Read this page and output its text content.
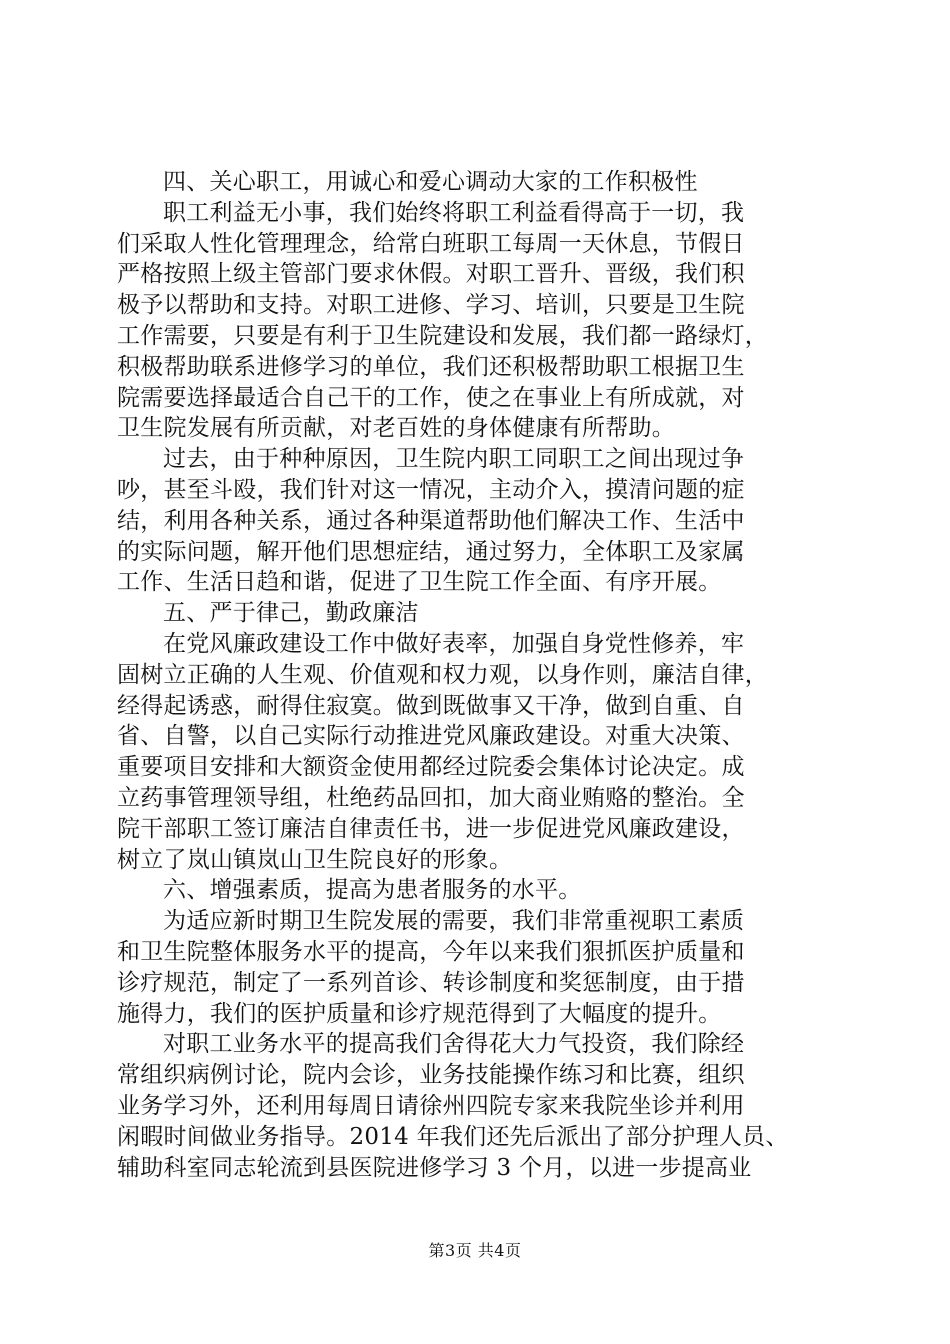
四、关心职工，用诚心和爱心调动大家的工作积极性
职工利益无小事，我们始终将职工利益看得高于一切，我
们采取人性化管理理念，给常白班职工每周一天休息，节假日
严格按照上级主管部门要求休假。对职工晋升、晋级，我们积
极予以帮助和支持。对职工进修、学习、培训，只要是卫生院
工作需要，只要是有利于卫生院建设和发展，我们都一路绿灯，
积极帮助联系进修学习的单位，我们还积极帮助职工根据卫生
院需要选择最适合自己干的工作，使之在事业上有所成就，对
卫生院发展有所贡献，对老百姓的身体健康有所帮助。
过去，由于种种原因，卫生院内职工同职工之间出现过争
吵，甚至斗殴，我们针对这一情况，主动介入，摸清问题的症
结，利用各种关系，通过各种渠道帮助他们解决工作、生活中
的实际问题，解开他们思想症结，通过努力，全体职工及家属
工作、生活日趋和谐，促进了卫生院工作全面、有序开展。
五、严于律己，勤政廉洁
在党风廉政建设工作中做好表率，加强自身党性修养，牢
固树立正确的人生观、价值观和权力观，以身作则，廉洁自律，
经得起诱惑，耐得住寂寞。做到既做事又干净，做到自重、自
省、自警，以自己实际行动推进党风廉政建设。对重大决策、
重要项目安排和大额资金使用都经过院委会集体讨论决定。成
立药事管理领导组，杜绝药品回扣，加大商业贿赂的整治。全
院干部职工签订廉洁自律责任书，进一步促进党风廉政建设，
树立了岚山镇岚山卫生院良好的形象。
六、增强素质，提高为患者服务的水平。
为适应新时期卫生院发展的需要，我们非常重视职工素质
和卫生院整体服务水平的提高，今年以来我们狠抓医护质量和
诊疗规范，制定了一系列首诊、转诊制度和奖惩制度，由于措
施得力，我们的医护质量和诊疗规范得到了大幅度的提升。
对职工业务水平的提高我们舍得花大力气投资，我们除经
常组织病例讨论，院内会诊，业务技能操作练习和比赛，组织
业务学习外，还利用每周日请徐州四院专家来我院坐诊并利用
闲暇时间做业务指导。2014 年我们还先后派出了部分护理人员、
辅助科室同志轮流到县医院进修学习 3 个月，以进一步提高业
第3页 共4页
